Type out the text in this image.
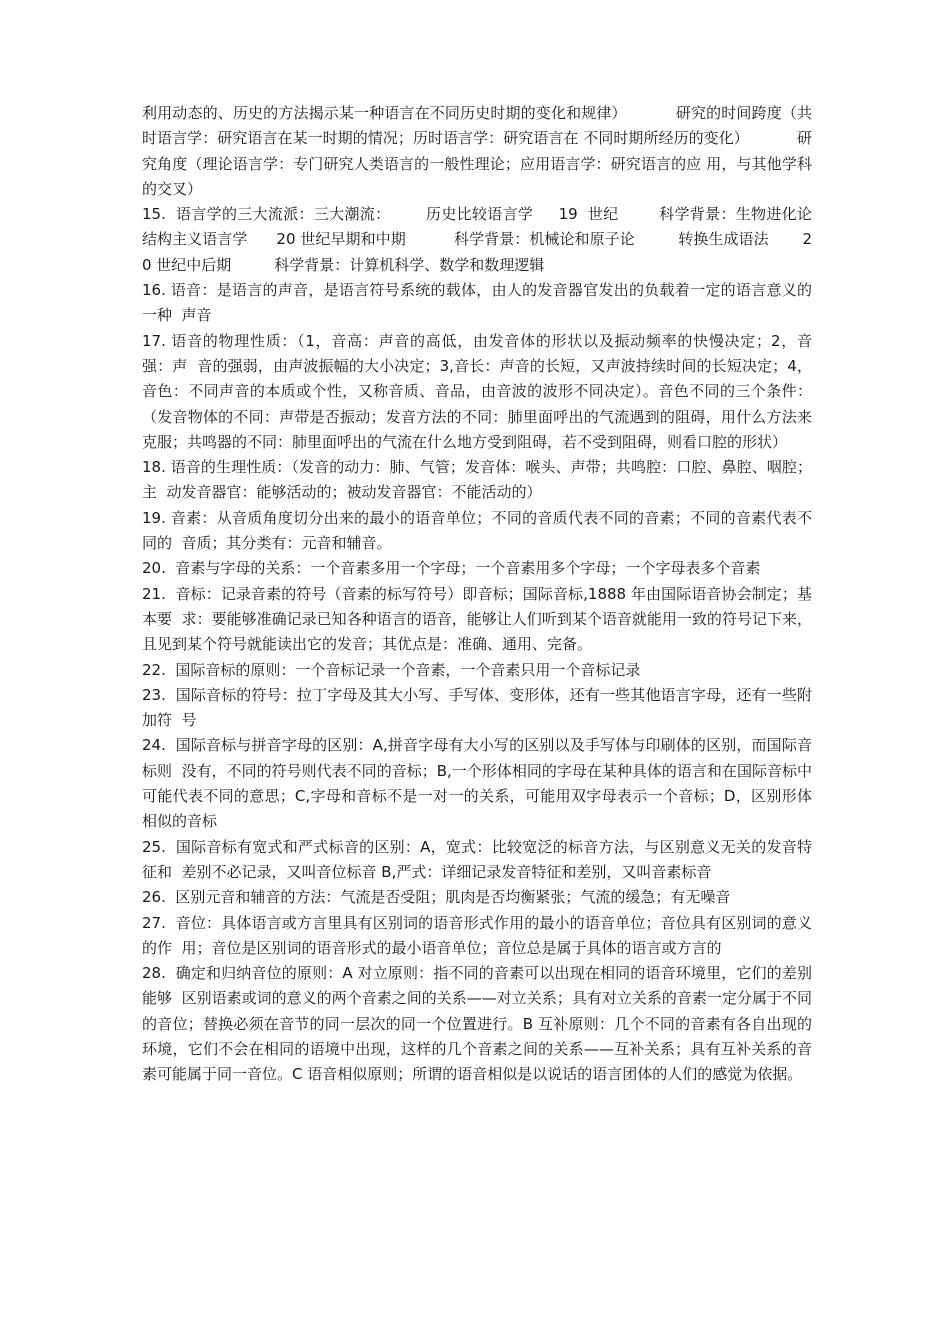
利用动态的、历史的方法揭示某一种语言在不同历史时期的变化和规律）          研究的时间跨度（共时语言学：研究语言在某一时期的情况；历时语言学：研究语言在 不同时期所经历的变化）          研究角度（理论语言学：专门研究人类语言的一般性理论；应用语言学：研究语言的应 用，与其他学科的交叉）

15.  语言学的三大流派：三大潮流：       历史比较语言学     19  世纪        科学背景：生物进化论         结构主义语言学      20 世纪早期和中期          科学背景：机械论和原子论         转换生成语法       20 世纪中后期         科学背景：计算机科学、数学和数理逻辑

16. 语音：是语言的声音，是语言符号系统的载体，由人的发音器官发出的负载着一定的语言意义的一种  声音

17. 语音的物理性质：（1，音高：声音的高低，由发音体的形状以及振动频率的快慢决定；2，音强：声  音的强弱，由声波振幅的大小决定；3,音长：声音的长短，又声波持续时间的长短决定；4，音色：不同声音的本质或个性，又称音质、音品，由音波的波形不同决定）。音色不同的三个条件：（发音物体的不同：声带是否振动；发音方法的不同：肺里面呼出的气流遇到的阻碍，用什么方法来克服；共鸣器的不同：肺里面呼出的气流在什么地方受到阻碍，若不受到阻碍，则看口腔的形状）

18. 语音的生理性质：（发音的动力：肺、气管；发音体：喉头、声带；共鸣腔：口腔、鼻腔、咽腔；主  动发音器官：能够活动的；被动发音器官：不能活动的）

19. 音素：从音质角度切分出来的最小的语音单位；不同的音质代表不同的音素；不同的音素代表不同的  音质；其分类有：元音和辅音。

20.  音素与字母的关系：一个音素多用一个字母；一个音素用多个字母；一个字母表多个音素

21.  音标：记录音素的符号（音素的标写符号）即音标；国际音标,1888 年由国际语音协会制定；基本要  求：要能够准确记录已知各种语言的语音，能够让人们听到某个语音就能用一致的符号记下来，且见到某个符号就能读出它的发音；其优点是：准确、通用、完备。

22.  国际音标的原则：一个音标记录一个音素，一个音素只用一个音标记录

23.  国际音标的符号：拉丁字母及其大小写、手写体、变形体，还有一些其他语言字母，还有一些附加符  号

24.  国际音标与拼音字母的区别：A,拼音字母有大小写的区别以及手写体与印刷体的区别，而国际音标则  没有，不同的符号则代表不同的音标；B,一个形体相同的字母在某种具体的语言和在国际音标中可能代表不同的意思；C,字母和音标不是一对一的关系，可能用双字母表示一个音标；D，区别形体相似的音标

25.  国际音标有宽式和严式标音的区别：A，宽式：比较宽泛的标音方法，与区别意义无关的发音特征和  差别不必记录，又叫音位标音 B,严式：详细记录发音特征和差别，又叫音素标音

26.  区别元音和辅音的方法：气流是否受阻；肌肉是否均衡紧张；气流的缓急；有无噪音

27.  音位：具体语言或方言里具有区别词的语音形式作用的最小的语音单位；音位具有区别词的意义的作  用；音位是区别词的语音形式的最小语音单位；音位总是属于具体的语言或方言的

28.  确定和归纳音位的原则：A 对立原则：指不同的音素可以出现在相同的语音环境里，它们的差别能够  区别语素或词的意义的两个音素之间的关系——对立关系；具有对立关系的音素一定分属于不同的音位；替换必须在音节的同一层次的同一个位置进行。B 互补原则：几个不同的音素有各自出现的环境，它们不会在相同的语境中出现，这样的几个音素之间的关系——互补关系；具有互补关系的音素可能属于同一音位。C 语音相似原则；所谓的语音相似是以说话的语言团体的人们的感觉为依据。
